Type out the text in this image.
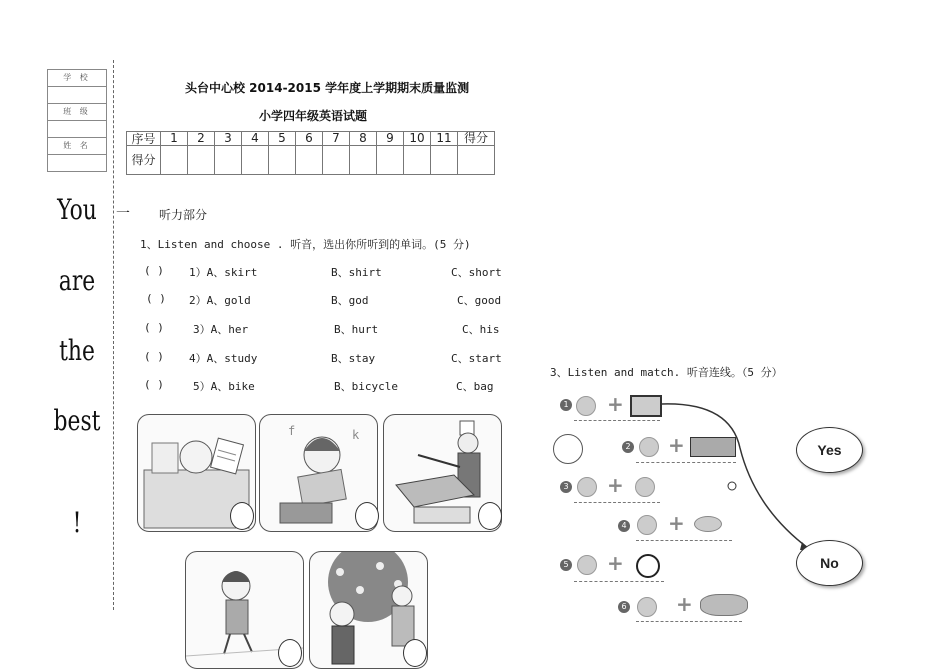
学 校
班 级
姓 名
You
are
the
best
!
头台中心校 2014-2015 学年度上学期期末质量监测
小学四年级英语试题
序号	1	2	3	4	5	6	7	8	9	10	11	得分
得分												
一 听力部分
1、Listen and choose . 听音，选出你所听到的单词。(5 分)
( ) 1）A、skirt	B、shirt	C、short
( ) 2）A、gold	B、god	C、good
( )	3）A、her	B、hurt	C、his
( ) 4）A、study	B、stay	C、start
( )	5）A、bike	B、bicycle	C、bag
f	k
3、Listen and match. 听音连线。（5 分）
1 +
2 +
3 +
4 +
5 +
6 +
Yes
No
